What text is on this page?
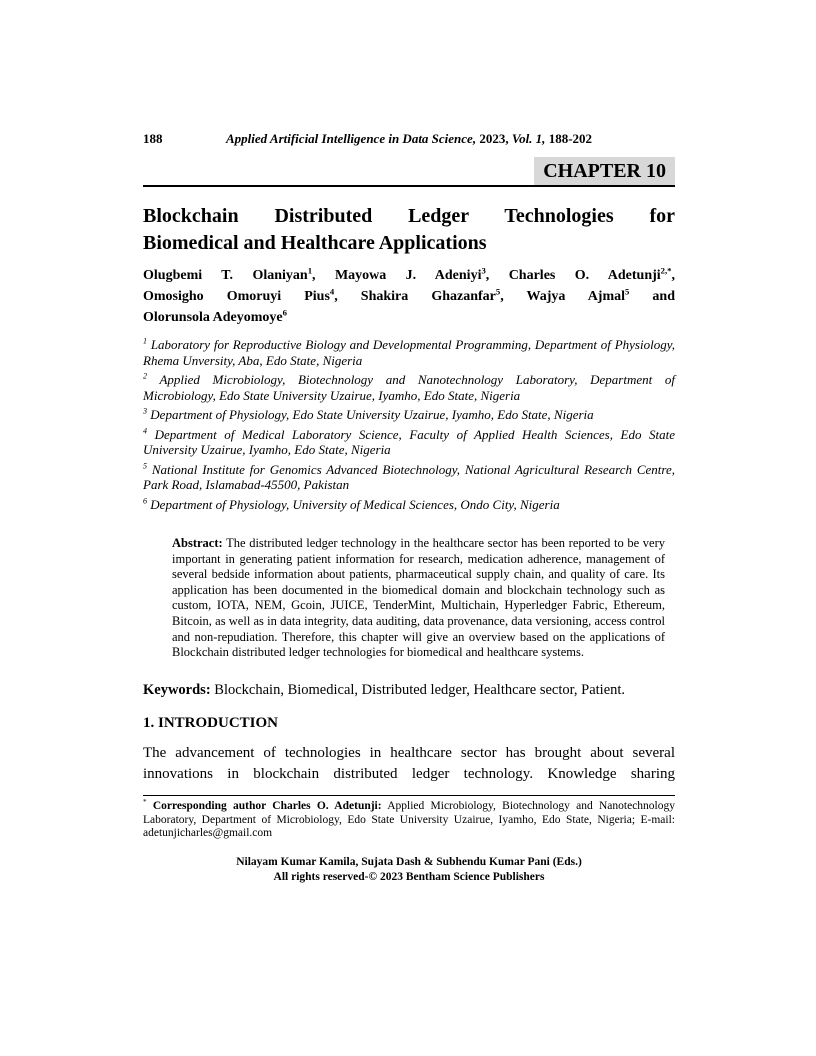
188	Applied Artificial Intelligence in Data Science, 2023, Vol. 1, 188-202
CHAPTER 10
Blockchain Distributed Ledger Technologies for
Biomedical and Healthcare Applications
Olugbemi T. Olaniyan$^1$, Mayowa J. Adeniyi$^3$, Charles O. Adetunji$^{2,*}$,
Omosigho Omoruyi Pius$^4$, Shakira Ghazanfar$^5$, Wajya Ajmal$^5$ and
Olorunsola Adeyomoye$^6$
$^1$ Laboratory for Reproductive Biology and Developmental Programming, Department of Physiology, Rhema Unversity, Aba, Edo State, Nigeria
$^2$ Applied Microbiology, Biotechnology and Nanotechnology Laboratory, Department of Microbiology, Edo State University Uzairue, Iyamho, Edo State, Nigeria
$^3$ Department of Physiology, Edo State University Uzairue, Iyamho, Edo State, Nigeria
$^4$ Department of Medical Laboratory Science, Faculty of Applied Health Sciences, Edo State University Uzairue, Iyamho, Edo State, Nigeria
$^5$ National Institute for Genomics Advanced Biotechnology, National Agricultural Research Centre, Park Road, Islamabad-45500, Pakistan
$^6$ Department of Physiology, University of Medical Sciences, Ondo City, Nigeria
Abstract: The distributed ledger technology in the healthcare sector has been reported to be very important in generating patient information for research, medication adherence, management of several bedside information about patients, pharmaceutical supply chain, and quality of care. Its application has been documented in the biomedical domain and blockchain technology such as custom, IOTA, NEM, Gcoin, JUICE, TenderMint, Multichain, Hyperledger Fabric, Ethereum, Bitcoin, as well as in data integrity, data auditing, data provenance, data versioning, access control and non-repudiation. Therefore, this chapter will give an overview based on the applications of Blockchain distributed ledger technologies for biomedical and healthcare systems.
Keywords: Blockchain, Biomedical, Distributed ledger, Healthcare sector, Patient.
1. INTRODUCTION
The advancement of technologies in healthcare sector has brought about several
innovations in blockchain distributed ledger technology. Knowledge sharing
* Corresponding author Charles O. Adetunji: Applied Microbiology, Biotechnology and Nanotechnology Laboratory, Department of Microbiology, Edo State University Uzairue, Iyamho, Edo State, Nigeria; E-mail: adetunjicharles@gmail.com
Nilayam Kumar Kamila, Sujata Dash & Subhendu Kumar Pani (Eds.)
All rights reserved-© 2023 Bentham Science Publishers
